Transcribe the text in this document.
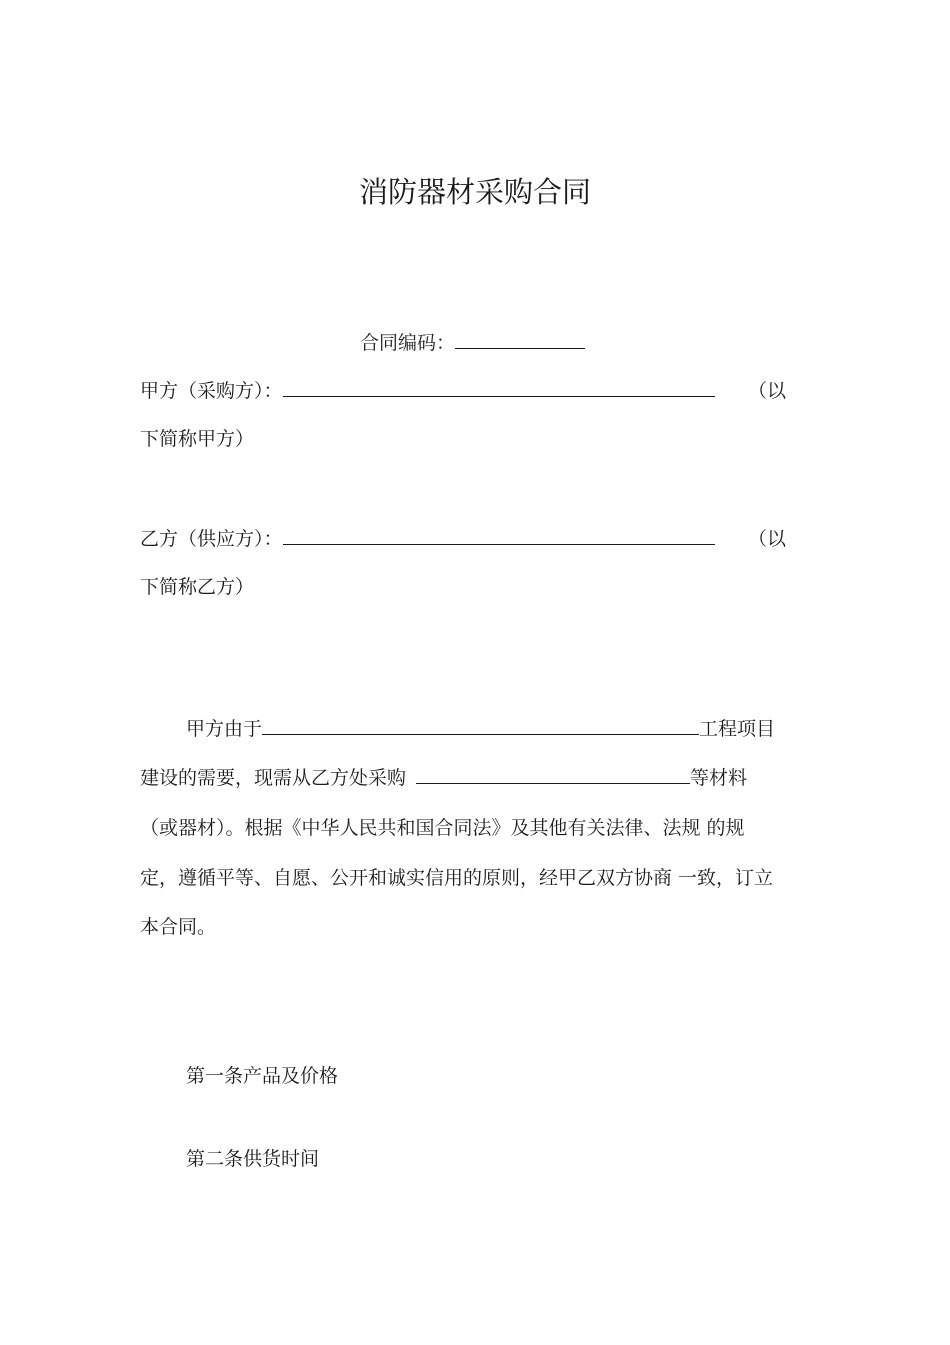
消防器材采购合同
合同编码：
甲方（采购方）：	（以
下简称甲方）
乙方（供应方）：	（以
下简称乙方）
甲方由于	工程项目
建设的需要，现需从乙方处采购	等材料
（或器材）。根据《中华人民共和国合同法》及其他有关法律、法规 的规
定，遵循平等、自愿、公开和诚实信用的原则，经甲乙双方协商 一致，订立
本合同。
第一条产品及价格
第二条供货时间
